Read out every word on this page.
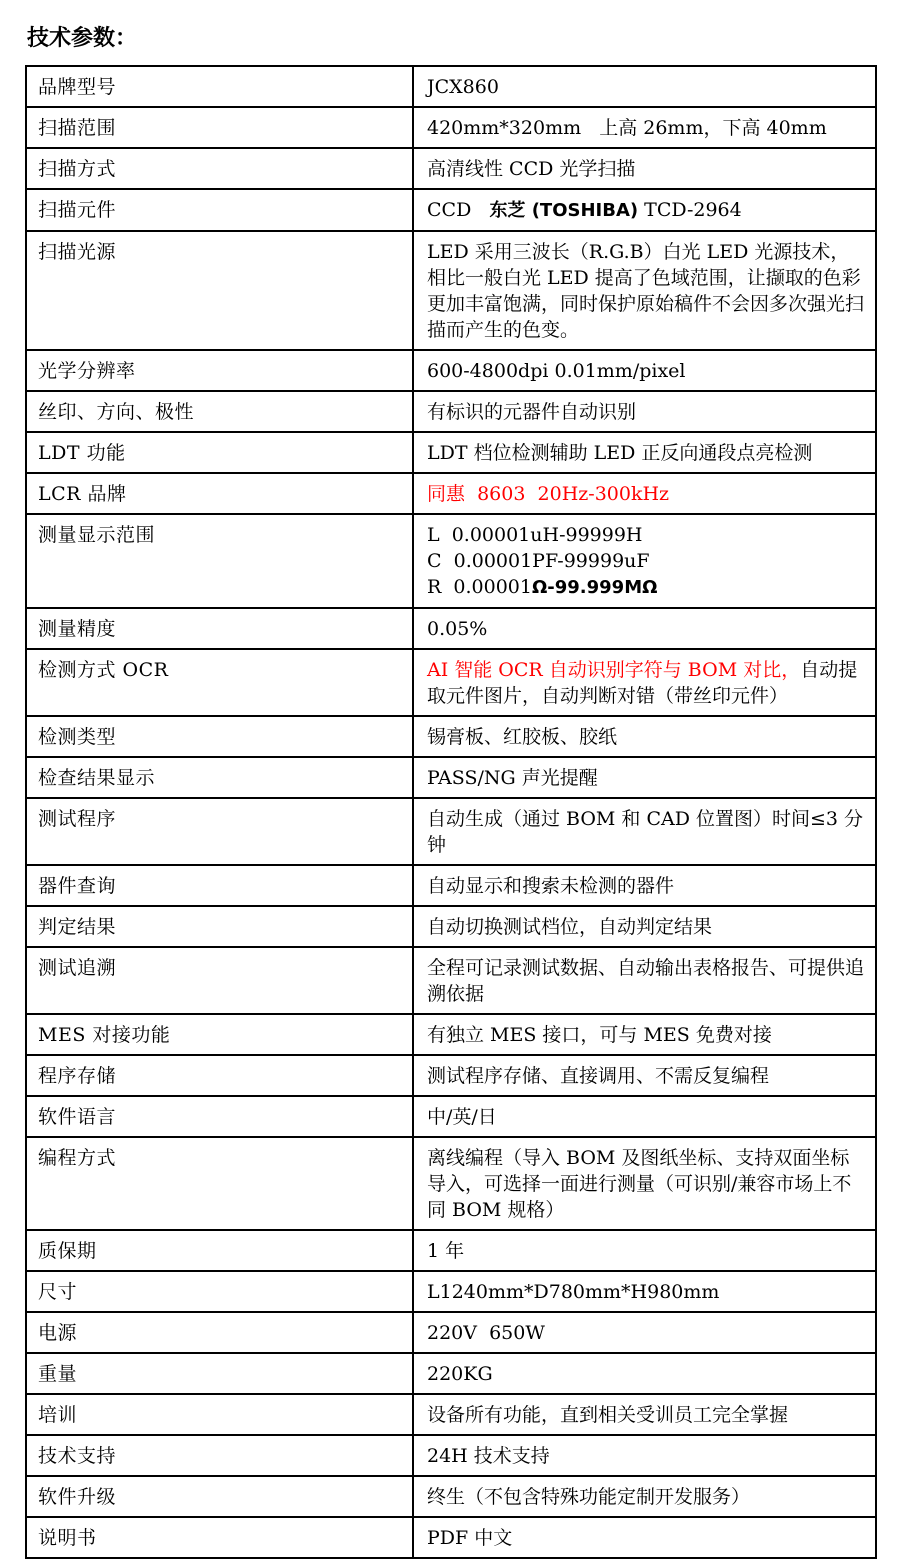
技术参数：
品牌型号	JCX860

扫描范围	420mm*320mm   上高 26mm，下高 40mm

扫描方式	高清线性 CCD 光学扫描

扫描元件	CCD   东芝 (TOSHIBA) TCD-2964

扫描光源	LED 采用三波长（R.G.B）白光 LED 光源技术，相比一般白光 LED 提高了色域范围，让撷取的色彩更加丰富饱满，同时保护原始稿件不会因多次强光扫描而产生的色变。

光学分辨率	600-4800dpi 0.01mm/pixel

丝印、方向、极性	有标识的元器件自动识别

LDT 功能	LDT 档位检测辅助 LED 正反向通段点亮检测

LCR 品牌	同惠  8603  20Hz-300kHz

测量显示范围	L  0.00001uH-99999H
C  0.00001PF-99999uF
R  0.00001Ω-99.999MΩ

测量精度	0.05%

检测方式 OCR	AI 智能 OCR 自动识别字符与 BOM 对比，自动提取元件图片，自动判断对错（带丝印元件）

检测类型	锡膏板、红胶板、胶纸

检查结果显示	PASS/NG 声光提醒

测试程序	自动生成（通过 BOM 和 CAD 位置图）时间≤3 分钟

器件查询	自动显示和搜索未检测的器件

判定结果	自动切换测试档位，自动判定结果

测试追溯	全程可记录测试数据、自动输出表格报告、可提供追溯依据

MES 对接功能	有独立 MES 接口，可与 MES 免费对接

程序存储	测试程序存储、直接调用、不需反复编程

软件语言	中/英/日

编程方式	离线编程（导入 BOM 及图纸坐标、支持双面坐标导入，可选择一面进行测量（可识别/兼容市场上不同 BOM 规格）

质保期	1 年

尺寸	L1240mm*D780mm*H980mm

电源	220V  650W

重量	220KG

培训	设备所有功能，直到相关受训员工完全掌握

技术支持	24H 技术支持

软件升级	终生（不包含特殊功能定制开发服务）

说明书	PDF 中文
